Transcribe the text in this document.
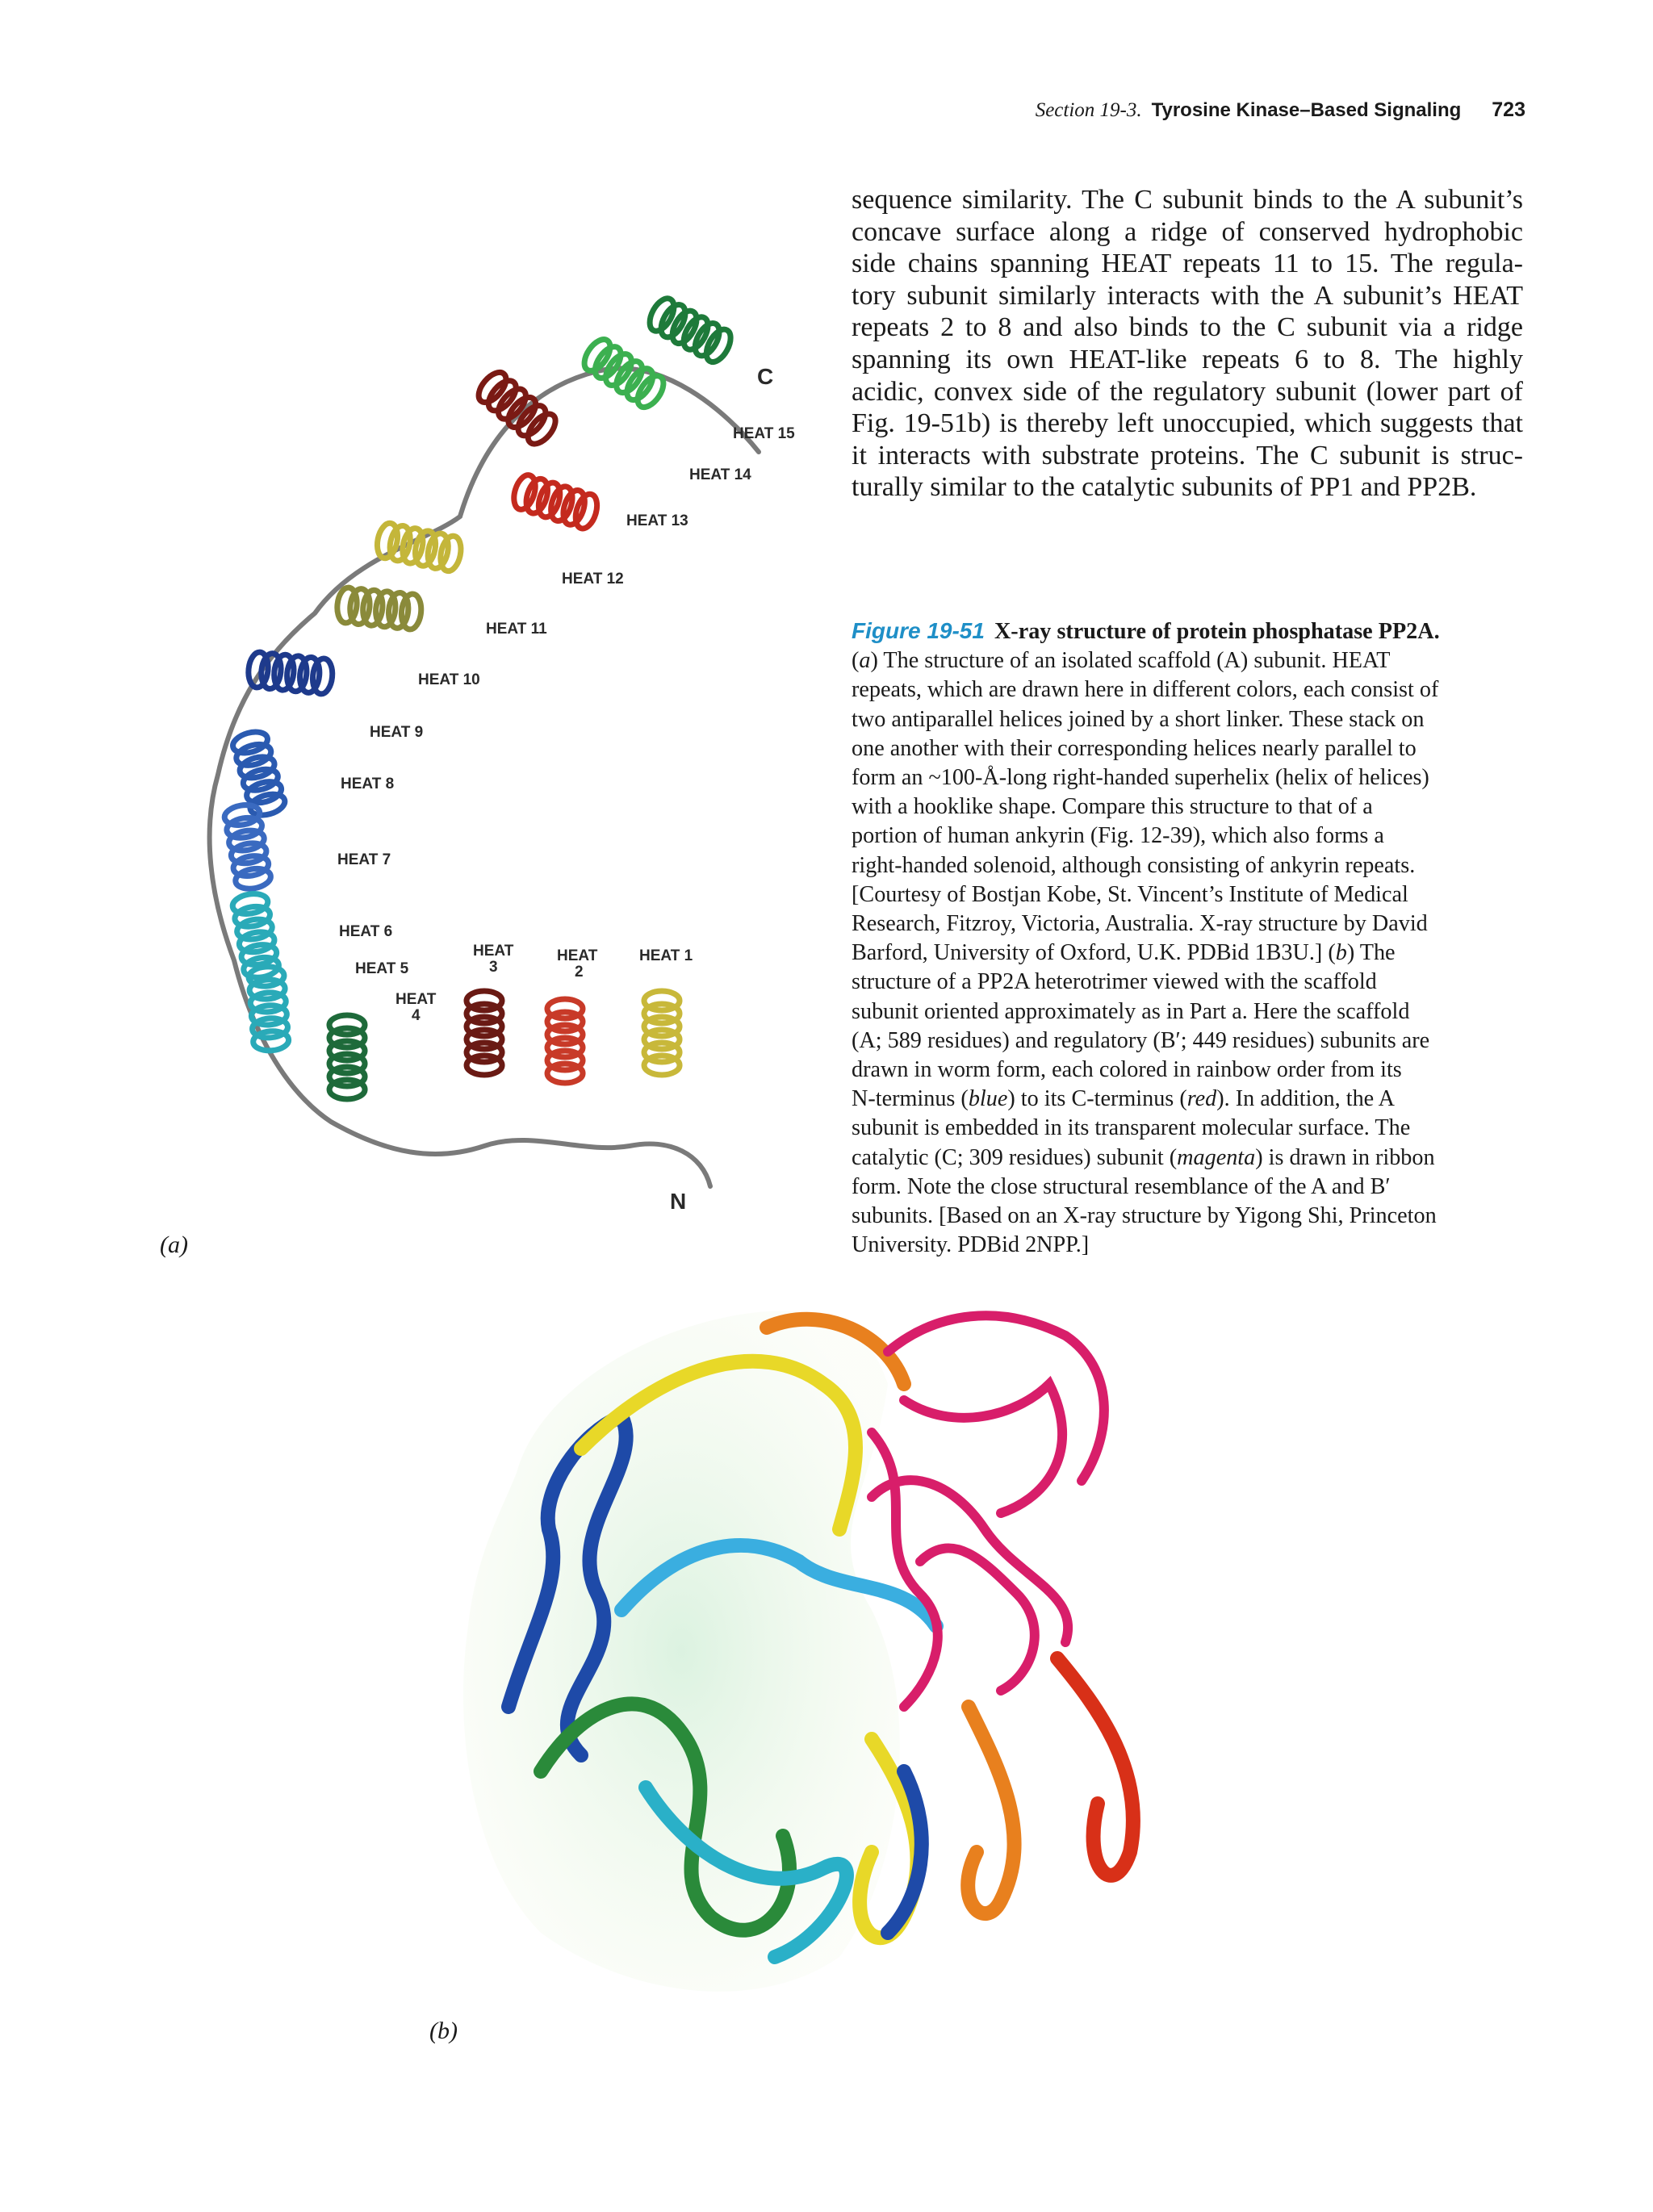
Section 19-3. Tyrosine Kinase–Based Signaling 723
sequence similarity. The C subunit binds to the A subunit’s
concave surface along a ridge of conserved hydrophobic
side chains spanning HEAT repeats 11 to 15. The regula-
tory subunit similarly interacts with the A subunit’s HEAT
repeats 2 to 8 and also binds to the C subunit via a ridge
spanning its own HEAT-like repeats 6 to 8. The highly
acidic, convex side of the regulatory subunit (lower part of
Fig. 19-51b) is thereby left unoccupied, which suggests that
it interacts with substrate proteins. The C subunit is struc-
turally similar to the catalytic subunits of PP1 and PP2B.
Figure 19-51 X-ray structure of protein phosphatase PP2A.
(a) The structure of an isolated scaffold (A) subunit. HEAT
repeats, which are drawn here in different colors, each consist of
two antiparallel helices joined by a short linker. These stack on
one another with their corresponding helices nearly parallel to
form an ~100-Å-long right-handed superhelix (helix of helices)
with a hooklike shape. Compare this structure to that of a
portion of human ankyrin (Fig. 12-39), which also forms a
right-handed solenoid, although consisting of ankyrin repeats.
[Courtesy of Bostjan Kobe, St. Vincent’s Institute of Medical
Research, Fitzroy, Victoria, Australia. X-ray structure by David
Barford, University of Oxford, U.K. PDBid 1B3U.] (b) The
structure of a PP2A heterotrimer viewed with the scaffold
subunit oriented approximately as in Part a. Here the scaffold
(A; 589 residues) and regulatory (B′; 449 residues) subunits are
drawn in worm form, each colored in rainbow order from its
N-terminus (blue) to its C-terminus (red). In addition, the A
subunit is embedded in its transparent molecular surface. The
catalytic (C; 309 residues) subunit (magenta) is drawn in ribbon
form. Note the close structural resemblance of the A and B′
subunits. [Based on an X-ray structure by Yigong Shi, Princeton
University. PDBid 2NPP.]
HEAT 15
HEAT 14
HEAT 13
HEAT 12
HEAT 11
HEAT 10
HEAT 9
HEAT 8
HEAT 7
HEAT 6
HEAT 5
HEAT
4
HEAT
3
HEAT
2
HEAT 1
C
N
(a)
(b)
